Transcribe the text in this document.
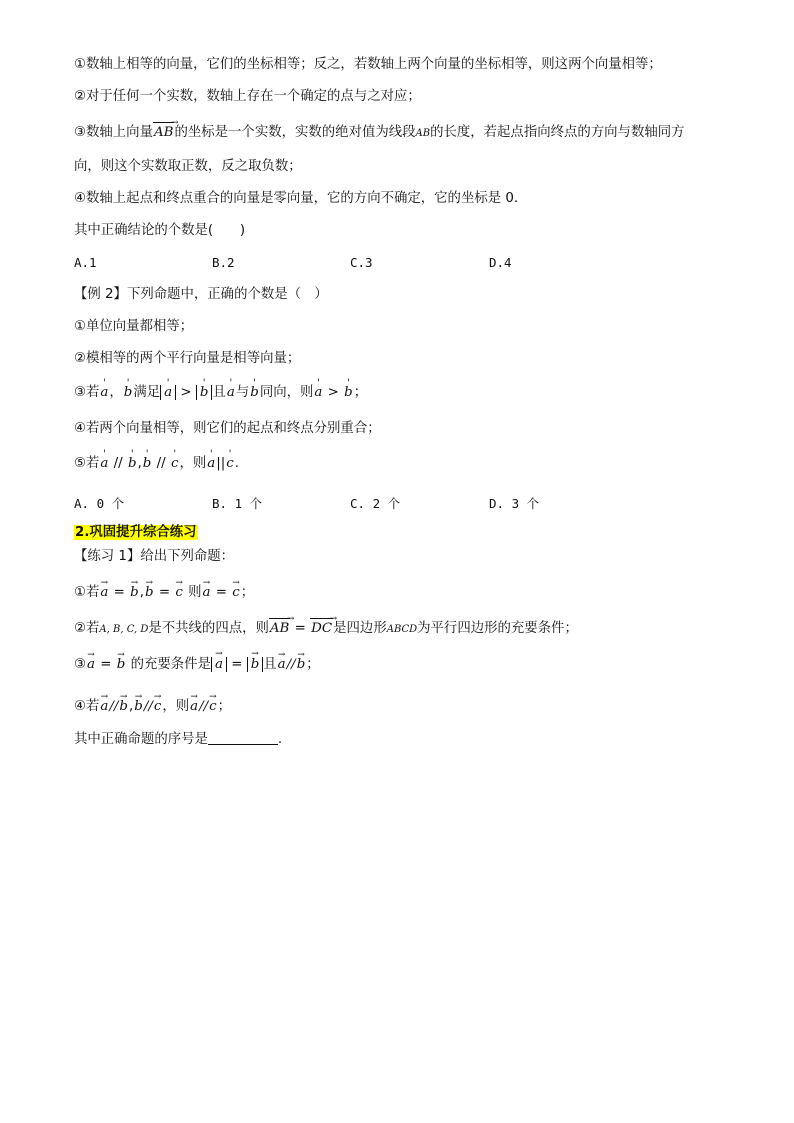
①数轴上相等的向量，它们的坐标相等；反之，若数轴上两个向量的坐标相等，则这两个向量相等；
②对于任何一个实数，数轴上存在一个确定的点与之对应；
③数轴上向量AB →的坐标是一个实数，实数的绝对值为线段AB的长度，若起点指向终点的方向与数轴同方
向，则这个实数取正数，反之取负数；
④数轴上起点和终点重合的向量是零向量，它的方向不确定，它的坐标是 0.
其中正确结论的个数是(　　)
A.1	B.2	C.3	D.4
【例 2】下列命题中，正确的个数是（　）
①单位向量都相等；
②模相等的两个平行向量是相等向量；
③若' a，' b满足 ' a > ' b 且' a与' b同向，则' a > ' b；
④若两个向量相等，则它们的起点和终点分别重合；
⑤若' a // ' b,' b // ' c，则' a||' c.
A. 0 个	B. 1 个	C. 2 个	D. 3 个
2.巩固提升综合练习
【练习 1】给出下列命题：
①若→ a = → b,→ b = → c 则→ a = → c；
②若A, B, C, D是不共线的四点，则AB → = DC →是四边形ABCD为平行四边形的充要条件；
③→ a = → b 的充要条件是 → a = → b 且→ a//→ b；
④若→ a//→ b,→ b//→ c，则→ a//→ c；
其中正确命题的序号是	.
